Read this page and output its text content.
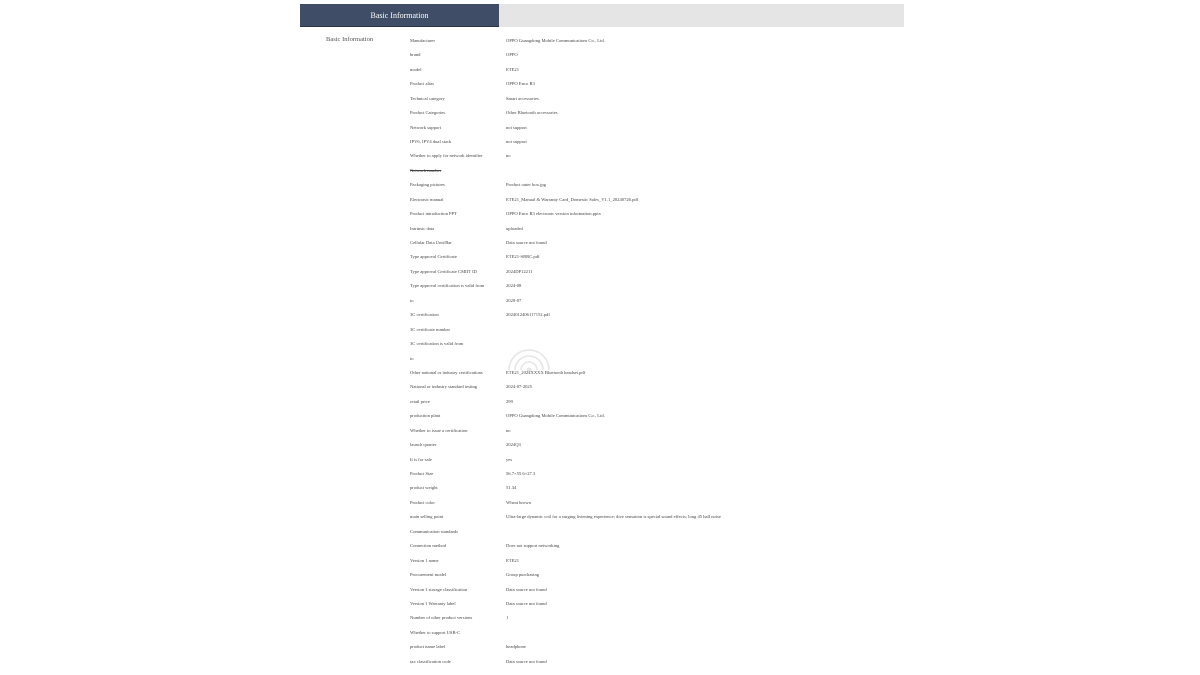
Basic Information
Basic Information	Manufacturer	OPPO Guangdong Mobile Communications Co., Ltd.
brand	OPPO
model	ETE21
Product alias	OPPO Enco R3
Technical category	Smart accessories
Product Categories	Other Bluetooth accessories
Network support	not support
IPV6, IPV4 dual stack	not support
Whether to apply for network identifier	no
Network number
Packaging pictures	Product outer box.jpg
Electronic manual	ETE21_Manual & Warranty Card_Domestic Sales_V1.1_20240726.pdf
Product introduction PPT	OPPO Enco R3 electronic version information.pptx
Intrinsic data	uploaded
Cellular Data Unit/Bar	Data source not found
Type approval Certificate	ETE21-SRRC.pdf
Type approval Certificate CMIIT ID	2024DP12211
Type approval certification is valid from	2024-08
to	2029-07
3C certification	2024012406117152.pdf
3C certificate number
3C certification is valid from
to
Other national or industry certifications	ETE21_2024XXXX Bluetooth headset.pdf
National or industry standard testing	2024-07-2025
retail price	299
production plant	OPPO Guangdong Mobile Communications Co., Ltd.
Whether to issue a certification	no
launch quarter	2024Q3
It is for sale	yes
Product Size	56.7×55.6×27.3
product weight	51.34
Product color	Wheat brown
main selling point	Ultra-large dynamic coil for a surging listening experience; dive sensation is special sound effects; long 45 hall noise
Communication standards
Connection method	Does not support networking
Version 1 name	ETE21
Procurement model	Group purchasing
Version 1 storage classification	Data source not found
Version 1 Warranty label	Data source not found
Number of other product versions	1
Whether to support USB-C
product name label	headphone
tax classification code	Data source not found
